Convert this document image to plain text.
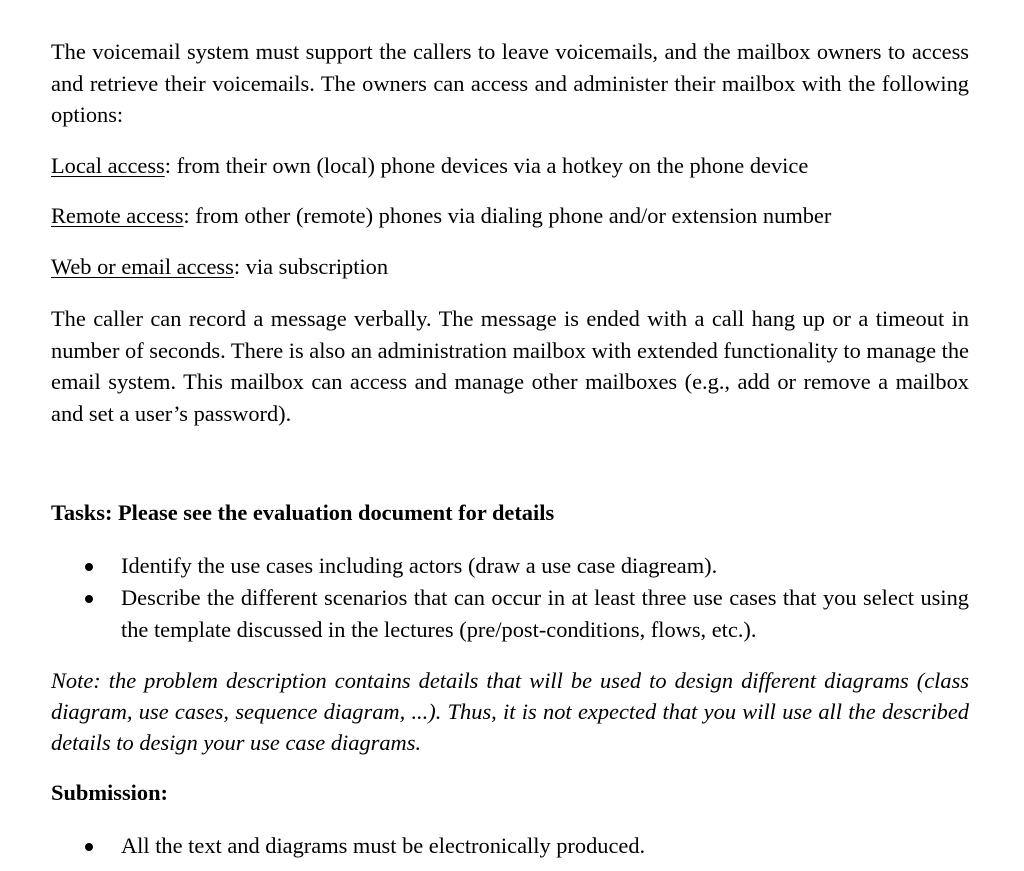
The voicemail system must support the callers to leave voicemails, and the mailbox owners to access and retrieve their voicemails. The owners can access and administer their mailbox with the following options:

Local access: from their own (local) phone devices via a hotkey on the phone device
Remote access: from other (remote) phones via dialing phone and/or extension number
Web or email access: via subscription

The caller can record a message verbally. The message is ended with a call hang up or a timeout in number of seconds. There is also an administration mailbox with extended functionality to manage the email system. This mailbox can access and manage other mailboxes (e.g., add or remove a mailbox and set a user’s password).

Tasks: Please see the evaluation document for details
Identify the use cases including actors (draw a use case diagream).
Describe the different scenarios that can occur in at least three use cases that you select using the template discussed in the lectures (pre/post-conditions, flows, etc.).

Note: the problem description contains details that will be used to design different diagrams (class diagram, use cases, sequence diagram, ...). Thus, it is not expected that you will use all the described details to design your use case diagrams.

Submission:
All the text and diagrams must be electronically produced.
